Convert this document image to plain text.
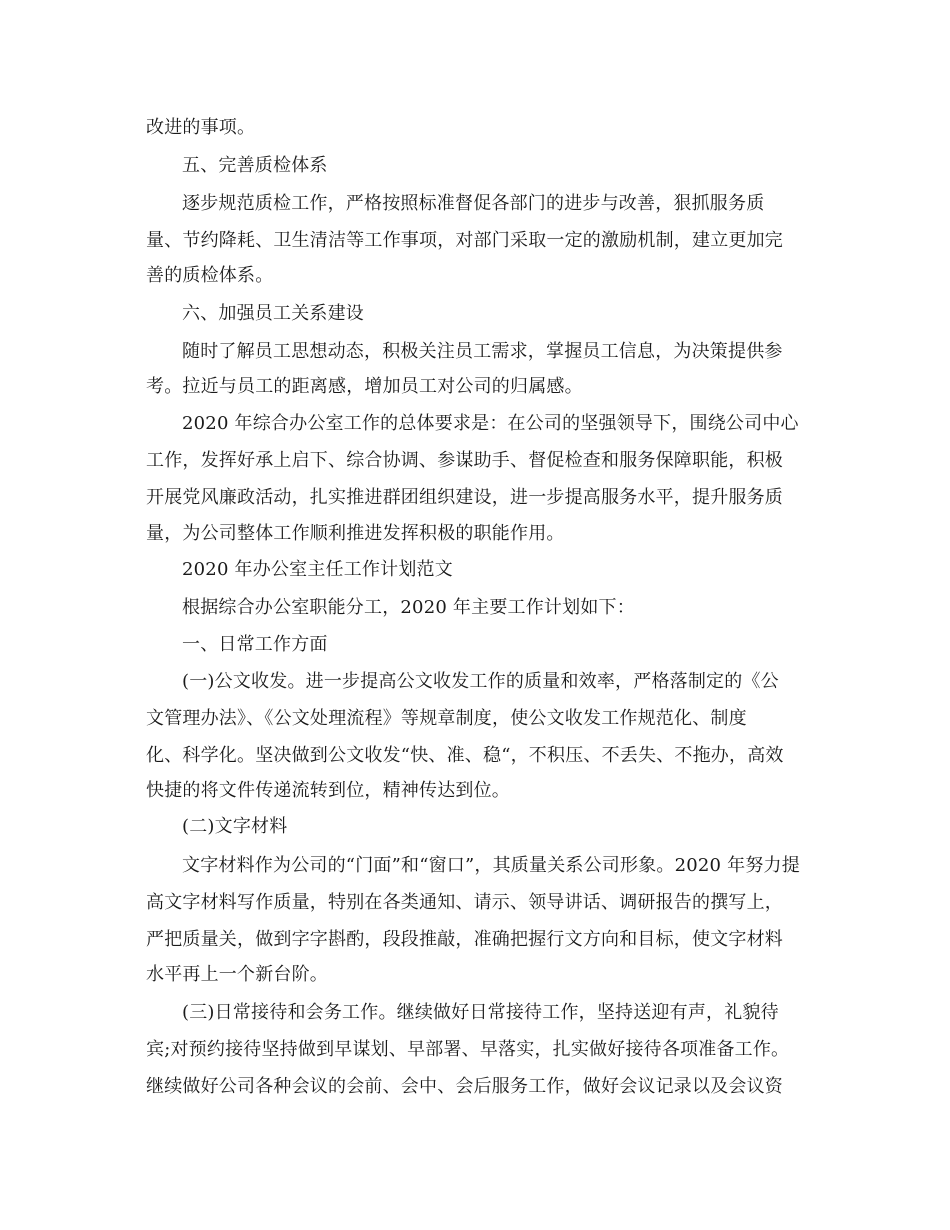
改进的事项。
五、完善质检体系
逐步规范质检工作，严格按照标准督促各部门的进步与改善，狠抓服务质
量、节约降耗、卫生清洁等工作事项，对部门采取一定的激励机制，建立更加完
善的质检体系。
六、加强员工关系建设
随时了解员工思想动态，积极关注员工需求，掌握员工信息，为决策提供参
考。拉近与员工的距离感，增加员工对公司的归属感。
2020 年综合办公室工作的总体要求是：在公司的坚强领导下，围绕公司中心
工作，发挥好承上启下、综合协调、参谋助手、督促检查和服务保障职能，积极
开展党风廉政活动，扎实推进群团组织建设，进一步提高服务水平，提升服务质
量，为公司整体工作顺利推进发挥积极的职能作用。
2020 年办公室主任工作计划范文
根据综合办公室职能分工，2020 年主要工作计划如下：
一、日常工作方面
(一)公文收发。进一步提高公文收发工作的质量和效率，严格落制定的《公
文管理办法》、《公文处理流程》等规章制度，使公文收发工作规范化、制度
化、科学化。坚决做到公文收发“快、准、稳“，不积压、不丢失、不拖办，高效
快捷的将文件传递流转到位，精神传达到位。
(二)文字材料
文字材料作为公司的“门面”和“窗口”，其质量关系公司形象。2020 年努力提
高文字材料写作质量，特别在各类通知、请示、领导讲话、调研报告的撰写上，
严把质量关，做到字字斟酌，段段推敲，准确把握行文方向和目标，使文字材料
水平再上一个新台阶。
(三)日常接待和会务工作。继续做好日常接待工作，坚持送迎有声，礼貌待
宾;对预约接待坚持做到早谋划、早部署、早落实，扎实做好接待各项准备工作。
继续做好公司各种会议的会前、会中、会后服务工作，做好会议记录以及会议资
